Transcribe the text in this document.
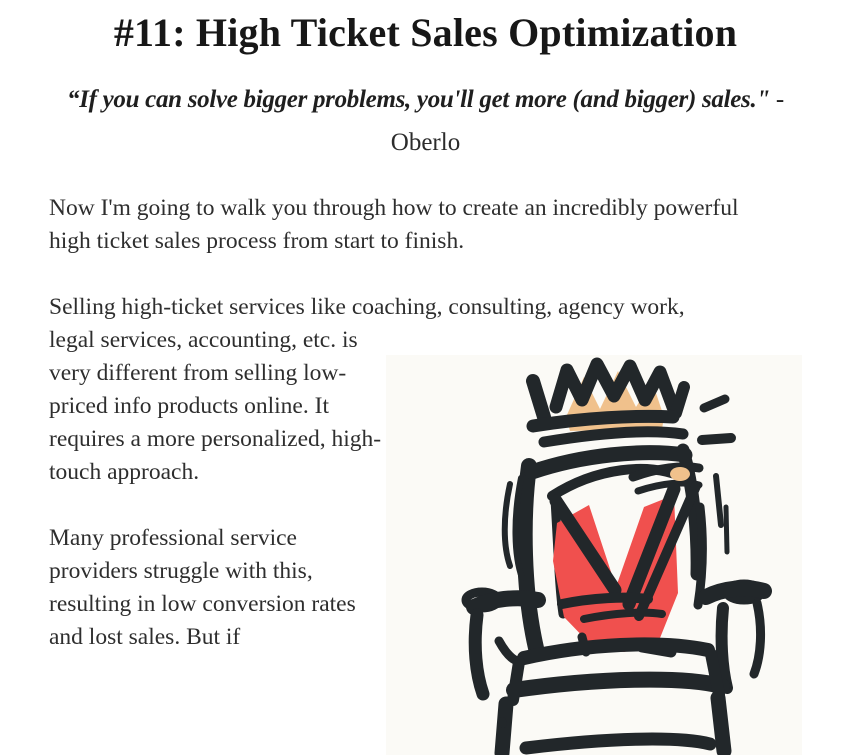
#11: High Ticket Sales Optimization
“If you can solve bigger problems, you'll get more (and bigger) sales." -
Oberlo

Now I'm going to walk you through how to create an incredibly powerful high ticket sales process from start to finish.

Selling high-ticket services like coaching, consulting, agency work,

legal services, accounting, etc. is very different from selling low-priced info products online. It requires a more personalized, high-touch approach.

Many professional service providers struggle with this, resulting in low conversion rates and lost sales. But if
